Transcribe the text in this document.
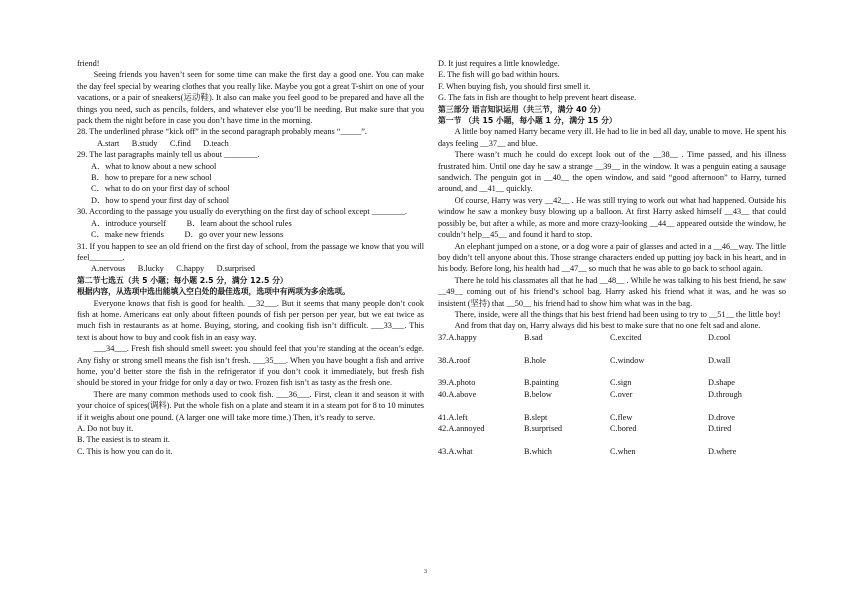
friend!

Seeing friends you haven’t seen for some time can make the first day a good one. You can make the day feel special by wearing clothes that you really like. Maybe you got a great T-shirt on one of your vacations, or a pair of sneakers(运动鞋). It also can make you feel good to be prepared and have all the things you need, such as pencils, folders, and whatever else you’ll be needing. But make sure that you pack them the night before in case you don’t have time in the morning.

28. The underlined phrase “kick off” in the second paragraph probably means “_____”.

A.start      B.study      C.find      D.teach

29. The last paragraphs mainly tell us about ________.

A．what to know about a new school

B．how to prepare for a new school

C．what to do on your first day of school

D．how to spend your first day of school

30. According to the passage you usually do everything on the first day of school except ________.

A．introduce yourself          B．learn about the school rules

C．make new friends          D．go over your new lessons

31. If you happen to see an old friend on the first day of school, from the passage we know that you will feel________.

A.nervous      B.lucky      C.happy      D.surprised

第二节七选五（共 5 小题；每小题 2.5 分，满分 12.5 分）

根据内容，从选项中选出能填入空白处的最佳选项，选项中有两项为多余选项。

Everyone knows that fish is good for health. __32___. But it seems that many people don’t cook fish at home. Americans eat only about fifteen pounds of fish per person per year, but we eat twice as much fish in restaurants as at home. Buying, storing, and cooking fish isn’t difficult. ___33___. This text is about how to buy and cook fish in an easy way.

___34___. Fresh fish should smell sweet: you should feel that you’re standing at the ocean’s edge. Any fishy or strong smell means the fish isn’t fresh. ___35___. When you have bought a fish and arrive home, you’d better store the fish in the refrigerator if you don’t cook it immediately, but fresh fish should be stored in your fridge for only a day or two. Frozen fish isn’t as tasty as the fresh one.

There are many common methods used to cook fish. ___36___. First, clean it and season it with your choice of spices(调料). Put the whole fish on a plate and steam it in a steam pot for 8 to 10 minutes if it weighs about one pound. (A larger one will take more time.) Then, it’s ready to serve.

A. Do not buy it.

B. The easiest is to steam it.

C. This is how you can do it.

D. It just requires a little knowledge.

E. The fish will go bad within hours.

F. When buying fish, you should first smell it.

G. The fats in fish are thought to help prevent heart disease.

第三部分 语言知识运用（共三节，满分 40 分）

第一节 （共 15 小题，每小题 1 分，满分 15 分）

A little boy named Harry became very ill. He had to lie in bed all day, unable to move. He spent his days feeling __37__ and blue.

There wasn’t much he could do except look out of the __38__ . Time passed, and his illness frustrated him. Until one day he saw a strange __39__ in the window. It was a penguin eating a sausage sandwich. The penguin got in __40__ the open window, and said “good afternoon” to Harry, turned around, and __41__ quickly.

Of course, Harry was very __42__ . He was still trying to work out what had happened. Outside his window he saw a monkey busy blowing up a balloon. At first Harry asked himself __43__ that could possibly be, but after a while, as more and more crazy-looking __44__ appeared outside the window, he couldn’t help__45__ and found it hard to stop.

An elephant jumped on a stone, or a dog wore a pair of glasses and acted in a __46__way. The little boy didn’t tell anyone about this. Those strange characters ended up putting joy back in his heart, and in his body. Before long, his health had __47__ so much that he was able to go back to school again.

There he told his classmates all that he had __48__ . While he was talking to his best friend, he saw __49__ coming out of his friend’s school bag. Harry asked his friend what it was, and he was so insistent (坚持) that __50__ his friend had to show him what was in the bag.

There, inside, were all the things that his best friend had been using to try to __51__ the little boy!

And from that day on, Harry always did his best to make sure that no one felt sad and alone.

37.A.happy	B.sad	C.excited	D.cool
38.A.roof	B.hole	C.window	D.wall
39.A.photo	B.painting	C.sign	D.shape
40.A.above	B.below	C.over	D.through
41.A.left	B.slept	C.flew	D.drove
42.A.annoyed	B.surprised	C.bored	D.tired
43.A.what	B.which	C.when	D.where
3
